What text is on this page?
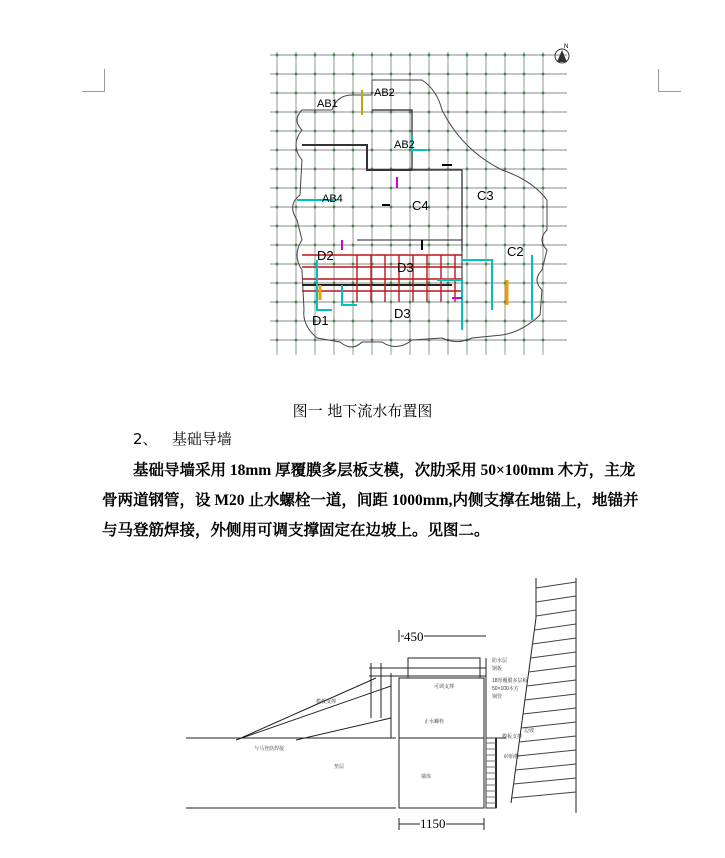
N
AB1
AB2
AB2
AB4	C4
C3
C2
D2
D3
D3
D1
图一 地下流水布置图
2、 基础导墙
基础导墙采用 18mm 厚覆膜多层板支模，次肋采用 50×100mm 木方，主龙
骨两道钢管，设 M20 止水螺栓一道，间距 1000mm,内侧支撑在地锚上，地锚并
与马登筋焊接，外侧用可调支撑固定在边坡上。见图二。
模板支撑
与马登筋焊接
垫层
止水螺栓
墙体
可调支撑
18厚覆膜多层板
50×100木方
钢管
模板支撑
钢板
防水层
边坡
砖胎模
450
1150
